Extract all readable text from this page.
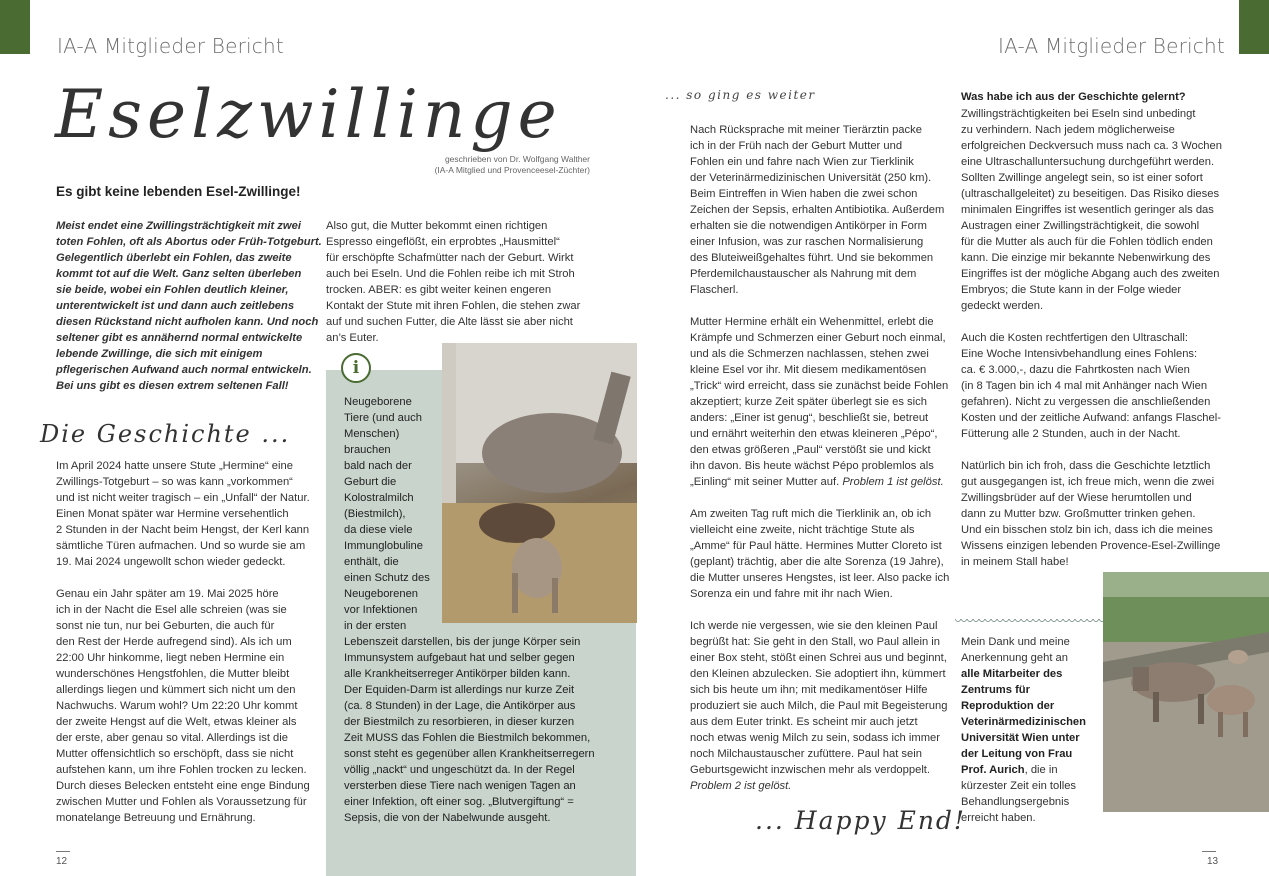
IA-A Mitglieder Bericht	IA-A Mitglieder Bericht
Eselzwillinge
geschrieben von Dr. Wolfgang Walther
(IA-A Mitglied und Provenceesel-Züchter)
Es gibt keine lebenden Esel-Zwillinge!
Meist endet eine Zwillingsträchtigkeit mit zwei
toten Fohlen, oft als Abortus oder Früh-Totgeburt.
Gelegentlich überlebt ein Fohlen, das zweite
kommt tot auf die Welt. Ganz selten überleben
sie beide, wobei ein Fohlen deutlich kleiner,
unterentwickelt ist und dann auch zeitlebens
diesen Rückstand nicht aufholen kann. Und noch
seltener gibt es annähernd normal entwickelte
lebende Zwillinge, die sich mit einigem
pflegerischen Aufwand auch normal entwickeln.
Bei uns gibt es diesen extrem seltenen Fall!
Die Geschichte ...
Im April 2024 hatte unsere Stute „Hermine“ eine
Zwillings-Totgeburt – so was kann „vorkommen“
und ist nicht weiter tragisch – ein „Unfall“ der Natur.
Einen Monat später war Hermine versehentlich
2 Stunden in der Nacht beim Hengst, der Kerl kann
sämtliche Türen aufmachen. Und so wurde sie am
19. Mai 2024 ungewollt schon wieder gedeckt.
Genau ein Jahr später am 19. Mai 2025 höre
ich in der Nacht die Esel alle schreien (was sie
sonst nie tun, nur bei Geburten, die auch für
den Rest der Herde aufregend sind). Als ich um
22:00 Uhr hinkomme, liegt neben Hermine ein
wunderschönes Hengstfohlen, die Mutter bleibt
allerdings liegen und kümmert sich nicht um den
Nachwuchs. Warum wohl? Um 22:20 Uhr kommt
der zweite Hengst auf die Welt, etwas kleiner als
der erste, aber genau so vital. Allerdings ist die
Mutter offensichtlich so erschöpft, dass sie nicht
aufstehen kann, um ihre Fohlen trocken zu lecken.
Durch dieses Belecken entsteht eine enge Bindung
zwischen Mutter und Fohlen als Voraussetzung für
monatelange Betreuung und Ernährung.
Also gut, die Mutter bekommt einen richtigen
Espresso eingeflößt, ein erprobtes „Hausmittel“
für erschöpfte Schafmütter nach der Geburt. Wirkt
auch bei Eseln. Und die Fohlen reibe ich mit Stroh
trocken. ABER: es gibt weiter keinen engeren
Kontakt der Stute mit ihren Fohlen, die stehen zwar
auf und suchen Futter, die Alte lässt sie aber nicht
an’s Euter.
i
Neugeborene
Tiere (und auch
Menschen)
brauchen
bald nach der
Geburt die
Kolostralmilch
(Biestmilch),
da diese viele
Immunglobuline
enthält, die
einen Schutz des
Neugeborenen
vor Infektionen
in der ersten
Lebenszeit darstellen, bis der junge Körper sein
Immunsystem aufgebaut hat und selber gegen
alle Krankheitserreger Antikörper bilden kann.
Der Equiden-Darm ist allerdings nur kurze Zeit
(ca. 8 Stunden) in der Lage, die Antikörper aus
der Biestmilch zu resorbieren, in dieser kurzen
Zeit MUSS das Fohlen die Biestmilch bekommen,
sonst steht es gegenüber allen Krankheitserregern
völlig „nackt“ und ungeschützt da. In der Regel
versterben diese Tiere nach wenigen Tagen an
einer Infektion, oft einer sog. „Blutvergiftung“ =
Sepsis, die von der Nabelwunde ausgeht.
12
... so ging es weiter
Nach Rücksprache mit meiner Tierärztin packe
ich in der Früh nach der Geburt Mutter und
Fohlen ein und fahre nach Wien zur Tierklinik
der Veterinärmedizinischen Universität (250 km).
Beim Eintreffen in Wien haben die zwei schon
Zeichen der Sepsis, erhalten Antibiotika. Außerdem
erhalten sie die notwendigen Antikörper in Form
einer Infusion, was zur raschen Normalisierung
des Bluteiweißgehaltes führt. Und sie bekommen
Pferdemilchaustauscher als Nahrung mit dem
Flascherl.
Mutter Hermine erhält ein Wehenmittel, erlebt die
Krämpfe und Schmerzen einer Geburt noch einmal,
und als die Schmerzen nachlassen, stehen zwei
kleine Esel vor ihr. Mit diesem medikamentösen
„Trick“ wird erreicht, dass sie zunächst beide Fohlen
akzeptiert; kurze Zeit später überlegt sie es sich
anders: „Einer ist genug“, beschließt sie, betreut
und ernährt weiterhin den etwas kleineren „Pépo“,
den etwas größeren „Paul“ verstößt sie und kickt
ihn davon. Bis heute wächst Pépo problemlos als
„Einling“ mit seiner Mutter auf. Problem 1 ist gelöst.
Am zweiten Tag ruft mich die Tierklinik an, ob ich
vielleicht eine zweite, nicht trächtige Stute als
„Amme“ für Paul hätte. Hermines Mutter Cloreto ist
(geplant) trächtig, aber die alte Sorenza (19 Jahre),
die Mutter unseres Hengstes, ist leer. Also packe ich
Sorenza ein und fahre mit ihr nach Wien.
Ich werde nie vergessen, wie sie den kleinen Paul
begrüßt hat: Sie geht in den Stall, wo Paul allein in
einer Box steht, stößt einen Schrei aus und beginnt,
den Kleinen abzulecken. Sie adoptiert ihn, kümmert
sich bis heute um ihn; mit medikamentöser Hilfe
produziert sie auch Milch, die Paul mit Begeisterung
aus dem Euter trinkt. Es scheint mir auch jetzt
noch etwas wenig Milch zu sein, sodass ich immer
noch Milchaustauscher zufüttere. Paul hat sein
Geburtsgewicht inzwischen mehr als verdoppelt.
Problem 2 ist gelöst.
... Happy End!
Was habe ich aus der Geschichte gelernt?
Zwillingsträchtigkeiten bei Eseln sind unbedingt
zu verhindern. Nach jedem möglicherweise
erfolgreichen Deckversuch muss nach ca. 3 Wochen
eine Ultraschalluntersuchung durchgeführt werden.
Sollten Zwillinge angelegt sein, so ist einer sofort
(ultraschallgeleitet) zu beseitigen. Das Risiko dieses
minimalen Eingriffes ist wesentlich geringer als das
Austragen einer Zwillingsträchtigkeit, die sowohl
für die Mutter als auch für die Fohlen tödlich enden
kann. Die einzige mir bekannte Nebenwirkung des
Eingriffes ist der mögliche Abgang auch des zweiten
Embryos; die Stute kann in der Folge wieder
gedeckt werden.
Auch die Kosten rechtfertigen den Ultraschall:
Eine Woche Intensivbehandlung eines Fohlens:
ca. € 3.000,-, dazu die Fahrtkosten nach Wien
(in 8 Tagen bin ich 4 mal mit Anhänger nach Wien
gefahren). Nicht zu vergessen die anschließenden
Kosten und der zeitliche Aufwand: anfangs Flaschel-
Fütterung alle 2 Stunden, auch in der Nacht.
Natürlich bin ich froh, dass die Geschichte letztlich
gut ausgegangen ist, ich freue mich, wenn die zwei
Zwillingsbrüder auf der Wiese herumtollen und
dann zu Mutter bzw. Großmutter trinken gehen.
Und ein bisschen stolz bin ich, dass ich die meines
Wissens einzigen lebenden Provence-Esel-Zwillinge
in meinem Stall habe!
Mein Dank und meine
Anerkennung geht an
alle Mitarbeiter des
Zentrums für
Reproduktion der
Veterinärmedizinischen
Universität Wien unter
der Leitung von Frau
Prof. Aurich, die in
kürzester Zeit ein tolles
Behandlungsergebnis
erreicht haben.
13
